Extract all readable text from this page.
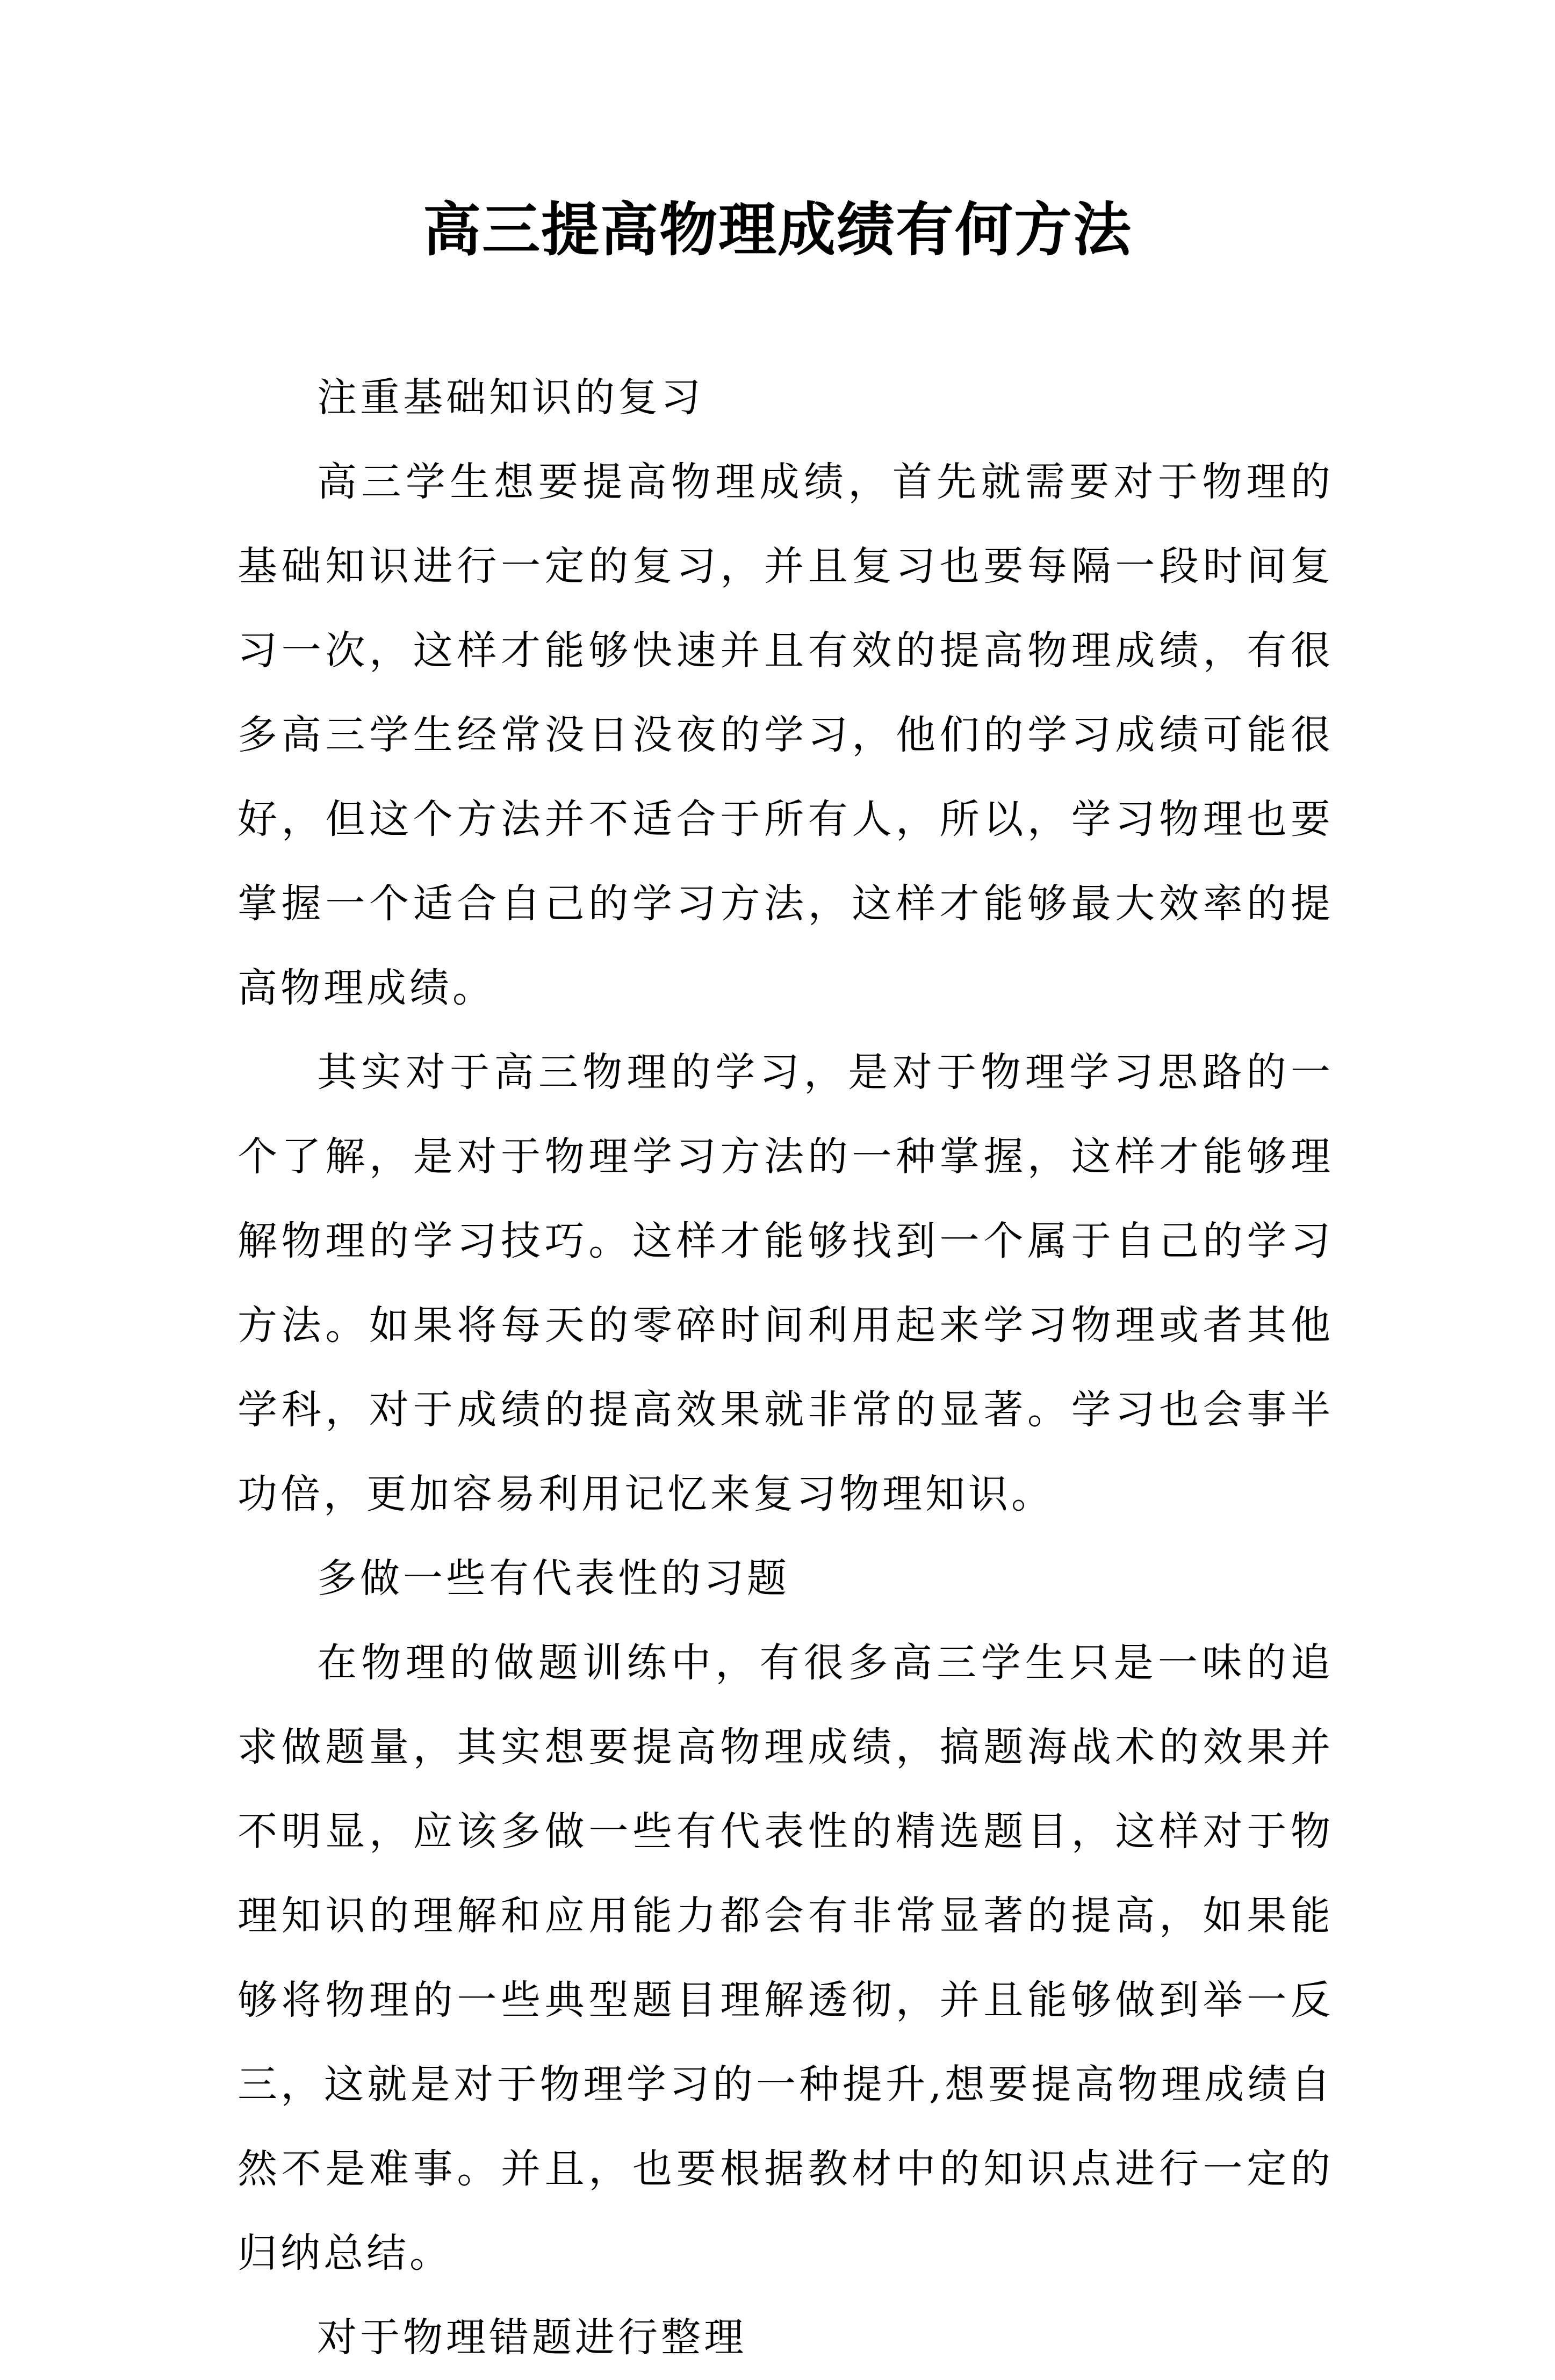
高三提高物理成绩有何方法

注重基础知识的复习

高三学生想要提高物理成绩，首先就需要对于物理的基础知识进行一定的复习，并且复习也要每隔一段时间复习一次，这样才能够快速并且有效的提高物理成绩，有很多高三学生经常没日没夜的学习，他们的学习成绩可能很好，但这个方法并不适合于所有人，所以，学习物理也要掌握一个适合自己的学习方法，这样才能够最大效率的提高物理成绩。

其实对于高三物理的学习，是对于物理学习思路的一个了解，是对于物理学习方法的一种掌握，这样才能够理解物理的学习技巧。这样才能够找到一个属于自己的学习方法。如果将每天的零碎时间利用起来学习物理或者其他学科，对于成绩的提高效果就非常的显著。学习也会事半功倍，更加容易利用记忆来复习物理知识。

多做一些有代表性的习题

在物理的做题训练中，有很多高三学生只是一味的追求做题量，其实想要提高物理成绩，搞题海战术的效果并不明显，应该多做一些有代表性的精选题目，这样对于物理知识的理解和应用能力都会有非常显著的提高，如果能够将物理的一些典型题目理解透彻，并且能够做到举一反三，这就是对于物理学习的一种提升,想要提高物理成绩自然不是难事。并且，也要根据教材中的知识点进行一定的归纳总结。

对于物理错题进行整理
